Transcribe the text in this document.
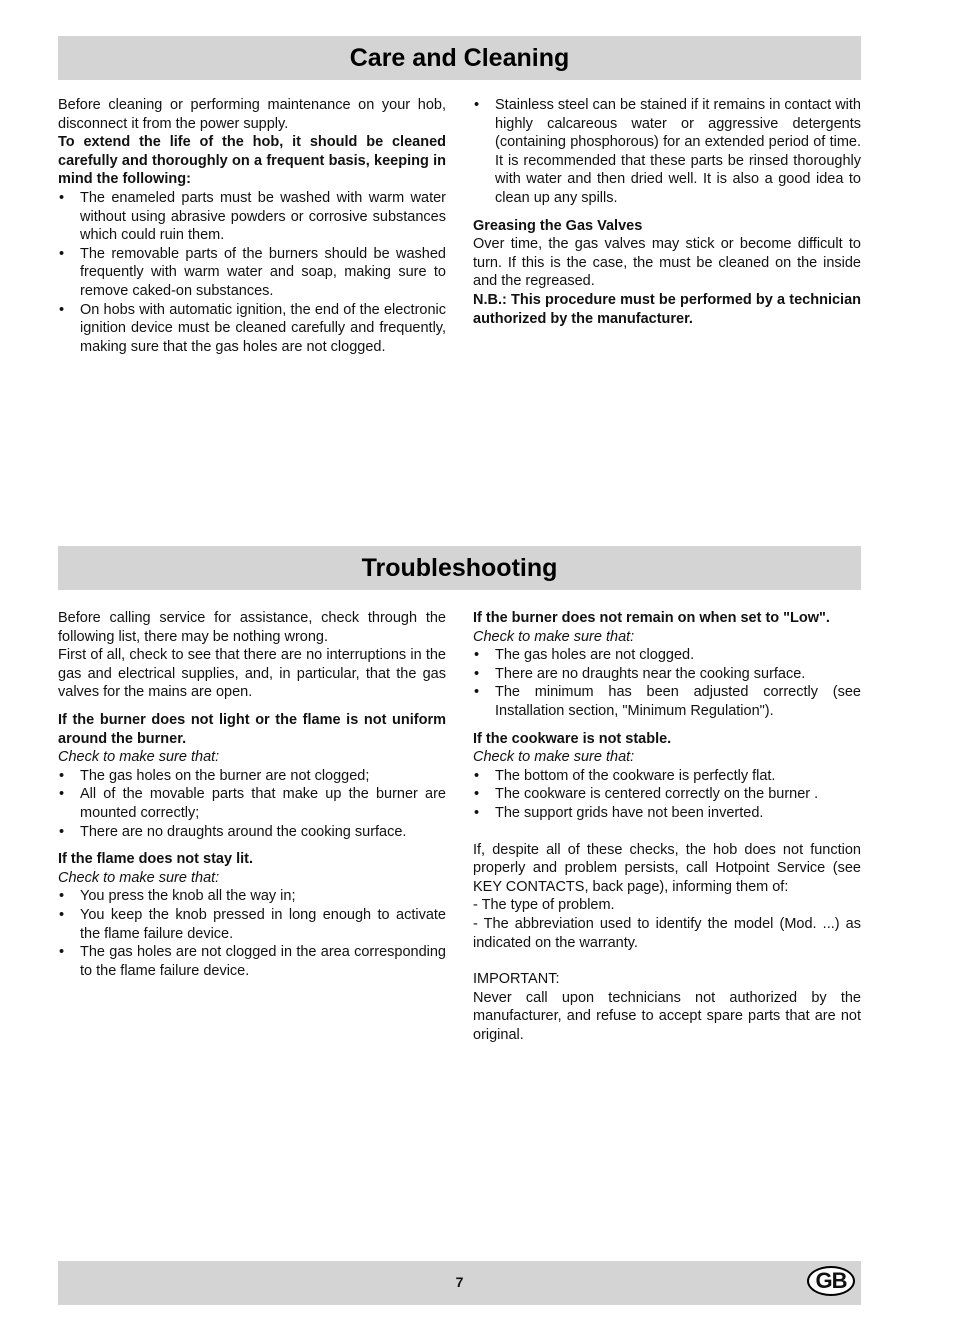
Care and Cleaning

Before cleaning or performing maintenance on your hob, disconnect it from the power supply.

To extend the life of the hob, it should be cleaned carefully and thoroughly on a frequent basis, keeping in mind the following:

• The enameled parts must be washed with warm water without using abrasive powders or corrosive substances which could ruin them.
• The removable parts of the burners should be washed frequently with warm water and soap, making sure to remove caked-on substances.
• On hobs with automatic ignition, the end of the electronic ignition device must be cleaned carefully and frequently, making sure that the gas holes are not clogged.
• Stainless steel can be stained if it remains in contact with highly calcareous water or aggressive detergents (containing phosphorous) for an extended period of time. It is recommended that these parts be rinsed thoroughly with water and then dried well. It is also a good idea to clean up any spills.

Greasing the Gas Valves

Over time, the gas valves may stick or become difficult to turn. If this is the case, the must be cleaned on the inside and the regreased.

N.B.: This procedure must be performed by a technician authorized by the manufacturer.

Troubleshooting

Before calling service for assistance, check through the following list, there may be nothing wrong.

First of all, check to see that there are no interruptions in the gas and electrical supplies, and, in particular, that the gas valves for the mains are open.

If the burner does not light or the flame is not uniform around the burner.

Check to make sure that:

• The gas holes on the burner are not clogged;
• All of the movable parts that make up the burner are mounted correctly;
• There are no draughts around the cooking surface.

If the flame does not stay lit.

Check to make sure that:

• You press the knob all the way in;
• You keep the knob pressed in long enough to activate the flame failure device.
• The gas holes are not clogged in the area corresponding to the flame failure device.

If the burner does not remain on when set to "Low".

Check to make sure that:

• The gas holes are not clogged.
• There are no draughts near the cooking surface.
• The minimum has been adjusted correctly (see Installation section, "Minimum Regulation").

If the cookware is not stable.

Check to make sure that:

• The bottom of the cookware is perfectly flat.
• The cookware is centered correctly on the burner .
• The support grids have not been inverted.

If, despite all of these checks, the hob does not function properly and problem persists, call Hotpoint Service (see KEY CONTACTS, back page), informing them of:

- The type of problem.

- The abbreviation used to identify the model (Mod. ...) as indicated on the warranty.

IMPORTANT:

Never call upon technicians not authorized by the manufacturer, and refuse to accept spare parts that are not original.

7	GB
